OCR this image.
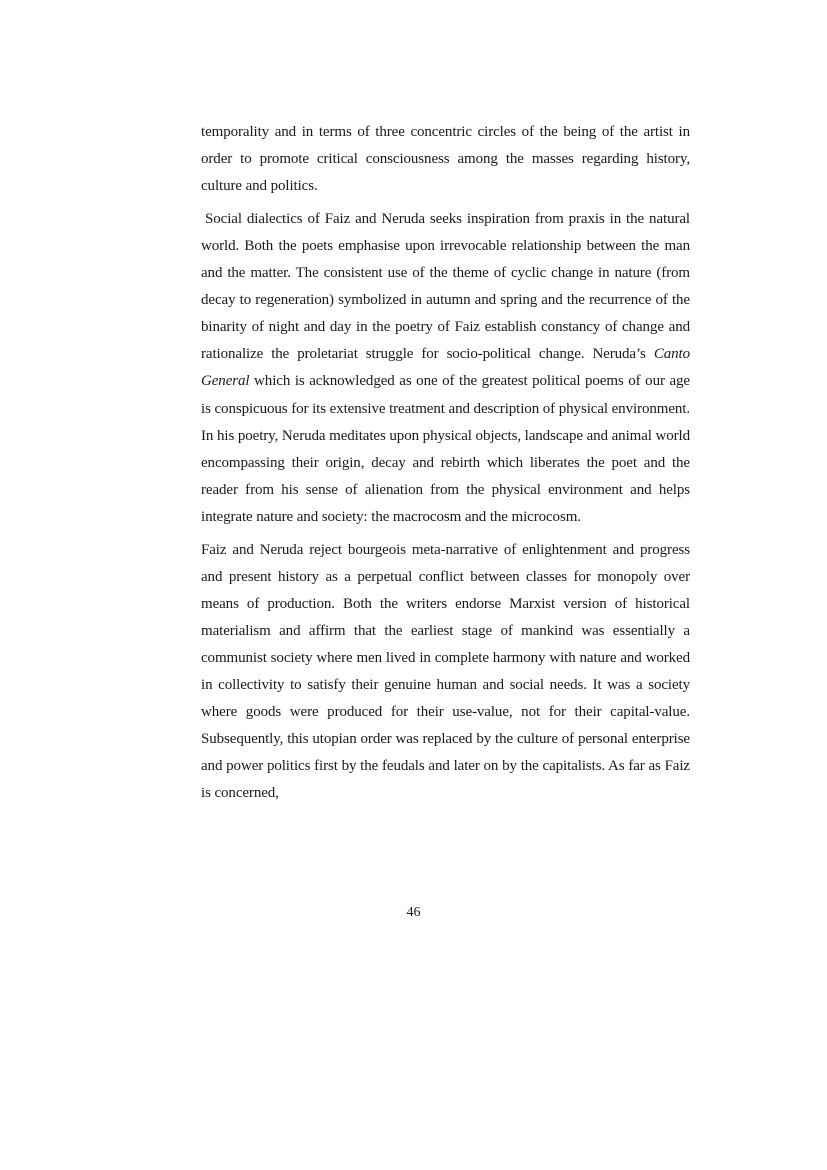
temporality and in terms of three concentric circles of the being of the artist in order to promote critical consciousness among the masses regarding history, culture and politics.

Social dialectics of Faiz and Neruda seeks inspiration from praxis in the natural world. Both the poets emphasise upon irrevocable relationship between the man and the matter. The consistent use of the theme of cyclic change in nature (from decay to regeneration) symbolized in autumn and spring and the recurrence of the binarity of night and day in the poetry of Faiz establish constancy of change and rationalize the proletariat struggle for socio-political change. Neruda’s Canto General which is acknowledged as one of the greatest political poems of our age is conspicuous for its extensive treatment and description of physical environment. In his poetry, Neruda meditates upon physical objects, landscape and animal world encompassing their origin, decay and rebirth which liberates the poet and the reader from his sense of alienation from the physical environment and helps integrate nature and society: the macrocosm and the microcosm.

Faiz and Neruda reject bourgeois meta-narrative of enlightenment and progress and present history as a perpetual conflict between classes for monopoly over means of production. Both the writers endorse Marxist version of historical materialism and affirm that the earliest stage of mankind was essentially a communist society where men lived in complete harmony with nature and worked in collectivity to satisfy their genuine human and social needs. It was a society where goods were produced for their use-value, not for their capital-value. Subsequently, this utopian order was replaced by the culture of personal enterprise and power politics first by the feudals and later on by the capitalists. As far as Faiz is concerned,

46
